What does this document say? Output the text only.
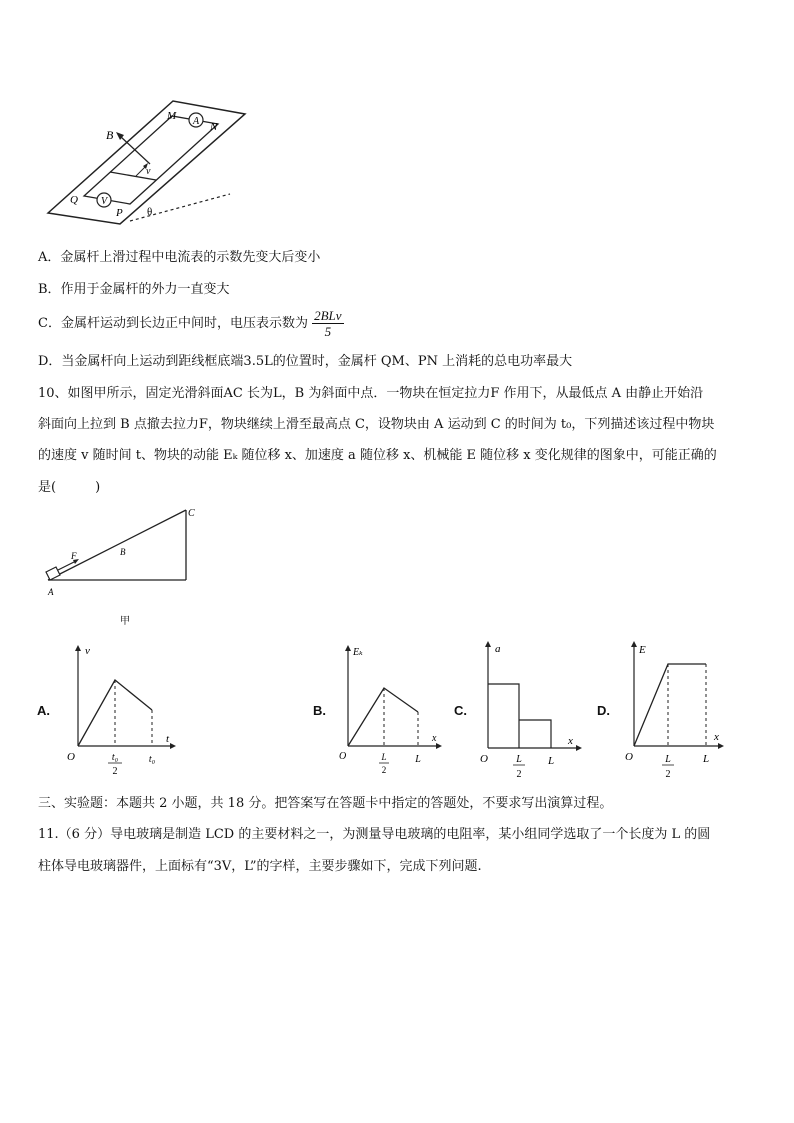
A
V
B
M
N
v
Q
P θ
A．金属杆上滑过程中电流表的示数先变大后变小
B．作用于金属杆的外力一直变大
C．金属杆运动到长边正中间时，电压表示数为 $\frac{\text{2BLv}}{5}$
D．当金属杆向上运动到距线框底端3.5L的位置时，金属杆 QM、PN 上消耗的总电功率最大
10、如图甲所示，固定光滑斜面AC 长为L，B 为斜面中点．一物块在恒定拉力F 作用下，从最低点 A 由静止开始沿
斜面向上拉到 B 点撤去拉力F，物块继续上滑至最高点 C，设物块由 A 运动到 C 的时间为 t₀，下列描述该过程中物块
的速度 v 随时间 t、物块的动能 Eₖ 随位移 x、加速度 a 随位移 x、机械能 E 随位移 x 变化规律的图象中，可能正确的
是(　　　)
C
F	B
A
甲
A.	B.	C.	D.
v
t
O	t₀
2
t₀
Eₖ
x
O	L
2
L
a
x
O	L
2
L
E
x
O	L
2
L
三、实验题：本题共 2 小题，共 18 分。把答案写在答题卡中指定的答题处，不要求写出演算过程。
11.（6 分）导电玻璃是制造 LCD 的主要材料之一，为测量导电玻璃的电阻率，某小组同学选取了一个长度为 L 的圆
柱体导电玻璃器件，上面标有“3V，L”的字样，主要步骤如下，完成下列问题.
